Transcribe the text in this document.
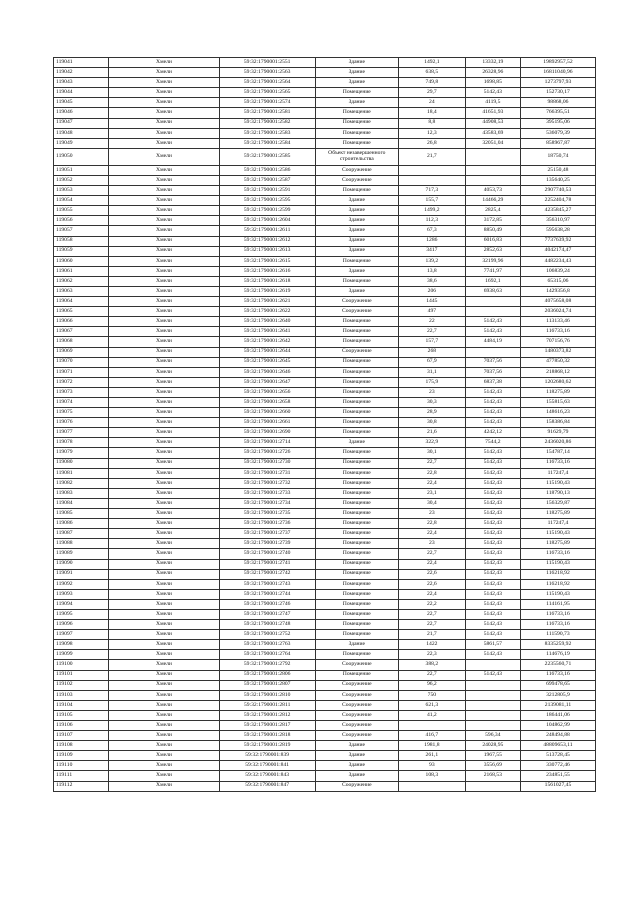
119041	Хмели	59:32:1790001:2551	Здание	1492,1	13332,19	19892957,52
119042	Хмели	59:32:1790001:2563	Здание	638,5	26328,96	16811040,96
119043	Хмели	59:32:1790001:2564	Здание	749,8	1698,85	1273797,93
119044	Хмели	59:32:1790001:2565	Помещение	29,7	5142,43	152730,17
119045	Хмели	59:32:1790001:2574	Здание	24	4119,5	98868,06
119046	Хмели	59:32:1790001:2581	Помещение	18,4	41651,93	766395,51
119047	Хмели	59:32:1790001:2582	Помещение	8,8	44908,53	395195,06
119048	Хмели	59:32:1790001:2583	Помещение	12,3	43583,69	536079,39
119049	Хмели	59:32:1790001:2584	Помещение	26,8	32051,04	858967,87
119050	Хмели	59:32:1790001:2585	Объект незавершенного строительства	21,7		18750,74
119051	Хмели	59:32:1790001:2586	Сооружение			25150,48
119052	Хмели	59:32:1790001:2587	Сооружение			135640,25
119053	Хмели	59:32:1790001:2591	Помещение	717,3	4053,73	2907740,53
119054	Хмели	59:32:1790001:2595	Здание	155,7	14466,29	2252404,78
119055	Хмели	59:32:1790001:2599	Здание	1499,2	2825,4	4235845,27
119056	Хмели	59:32:1790001:2604	Здание	112,3	3172,85	356310,97
119057	Хмели	59:32:1790001:2611	Здание	67,3	8850,49	595638,28
119058	Хмели	59:32:1790001:2612	Здание	1286	6016,83	7737639,92
119059	Хмели	59:32:1790001:2613	Здание	3417	2852,63	4042174,47
119060	Хмели	59:32:1790001:2615	Помещение	139,2	32199,96	4482234,43
119061	Хмели	59:32:1790001:2616	Здание	13,8	7741,97	106839,24
119062	Хмели	59:32:1790001:2618	Помещение	38,6	1692,1	65315,06
119063	Хмели	59:32:1790001:2619	Здание	206	6938,63	1429356,8
119064	Хмели	59:32:1790001:2621	Сооружение	1445		4075658,08
119065	Хмели	59:32:1790001:2622	Сооружение	497		2036024,74
119066	Хмели	59:32:1790001:2640	Помещение	22	5142,43	113133,46
119067	Хмели	59:32:1790001:2641	Помещение	22,7	5142,43	116733,16
119068	Хмели	59:32:1790001:2642	Помещение	157,7	4484,19	707156,76
119069	Хмели	59:32:1790001:2644	Сооружение	268		1480373,82
119070	Хмели	59:32:1790001:2645	Помещение	67,9	7037,56	477850,32
119071	Хмели	59:32:1790001:2646	Помещение	31,1	7037,56	218868,12
119072	Хмели	59:32:1790001:2647	Помещение	175,9	6837,38	1202680,62
119073	Хмели	59:32:1790001:2656	Помещение	23	5142,43	118275,89
119074	Хмели	59:32:1790001:2658	Помещение	30,3	5142,43	155815,63
119075	Хмели	59:32:1790001:2660	Помещение	28,9	5142,43	148616,23
119076	Хмели	59:32:1790001:2661	Помещение	30,8	5142,43	158386,84
119077	Хмели	59:32:1790001:2690	Помещение	21,6	4242,12	91629,79
119078	Хмели	59:32:1790001:2714	Здание	322,9	7544,2	2436020,86
119079	Хмели	59:32:1790001:2726	Помещение	30,1	5142,43	154787,14
119080	Хмели	59:32:1790001:2730	Помещение	22,7	5142,43	116733,16
119081	Хмели	59:32:1790001:2731	Помещение	22,8	5142,43	117247,4
119082	Хмели	59:32:1790001:2732	Помещение	22,4	5142,43	115190,43
119083	Хмели	59:32:1790001:2733	Помещение	23,1	5142,43	118790,13
119084	Хмели	59:32:1790001:2734	Помещение	30,4	5142,43	156329,87
119085	Хмели	59:32:1790001:2735	Помещение	23	5142,43	118275,89
119086	Хмели	59:32:1790001:2736	Помещение	22,8	5142,43	117247,4
119087	Хмели	59:32:1790001:2737	Помещение	22,4	5142,43	115190,43
119088	Хмели	59:32:1790001:2739	Помещение	23	5142,43	118275,89
119089	Хмели	59:32:1790001:2740	Помещение	22,7	5142,43	116733,16
119090	Хмели	59:32:1790001:2741	Помещение	22,4	5142,43	115190,43
119091	Хмели	59:32:1790001:2742	Помещение	22,6	5142,43	116218,92
119092	Хмели	59:32:1790001:2743	Помещение	22,6	5142,43	116218,92
119093	Хмели	59:32:1790001:2744	Помещение	22,4	5142,43	115190,43
119094	Хмели	59:32:1790001:2746	Помещение	22,2	5142,43	114161,95
119095	Хмели	59:32:1790001:2747	Помещение	22,7	5142,43	116733,16
119096	Хмели	59:32:1790001:2748	Помещение	22,7	5142,43	116733,16
119097	Хмели	59:32:1790001:2752	Помещение	21,7	5142,43	111590,73
119098	Хмели	59:32:1790001:2763	Здание	1422	5861,57	8335259,92
119099	Хмели	59:32:1790001:2764	Помещение	22,3	5142,43	114676,19
119100	Хмели	59:32:1790001:2792	Сооружение	388,2		2235560,71
119101	Хмели	59:32:1790001:2806	Помещение	22,7	5142,43	116733,16
119102	Хмели	59:32:1790001:2807	Сооружение	96,2		699478,65
119103	Хмели	59:32:1790001:2810	Сооружение	750		3212805,9
119104	Хмели	59:32:1790001:2811	Сооружение	621,3		2139081,11
119105	Хмели	59:32:1790001:2812	Сооружение	41,2		186441,06
119106	Хмели	59:32:1790001:2817	Сооружение			104862,99
119107	Хмели	59:32:1790001:2818	Сооружение	416,7	596,34	248494,88
119108	Хмели	59:32:1790001:2819	Здание	1981,8	24028,95	48809653,11
119109	Хмели	59:32:1790001:839	Здание	261,1	1967,55	513728,45
119110	Хмели	59:32:1790001:841	Здание	93	3556,69	330772,46
119111	Хмели	59:32:1790001:843	Здание	108,3	2168,53	234851,55
119112	Хмели	59:32:1790001:847	Сооружение			1561027,45
